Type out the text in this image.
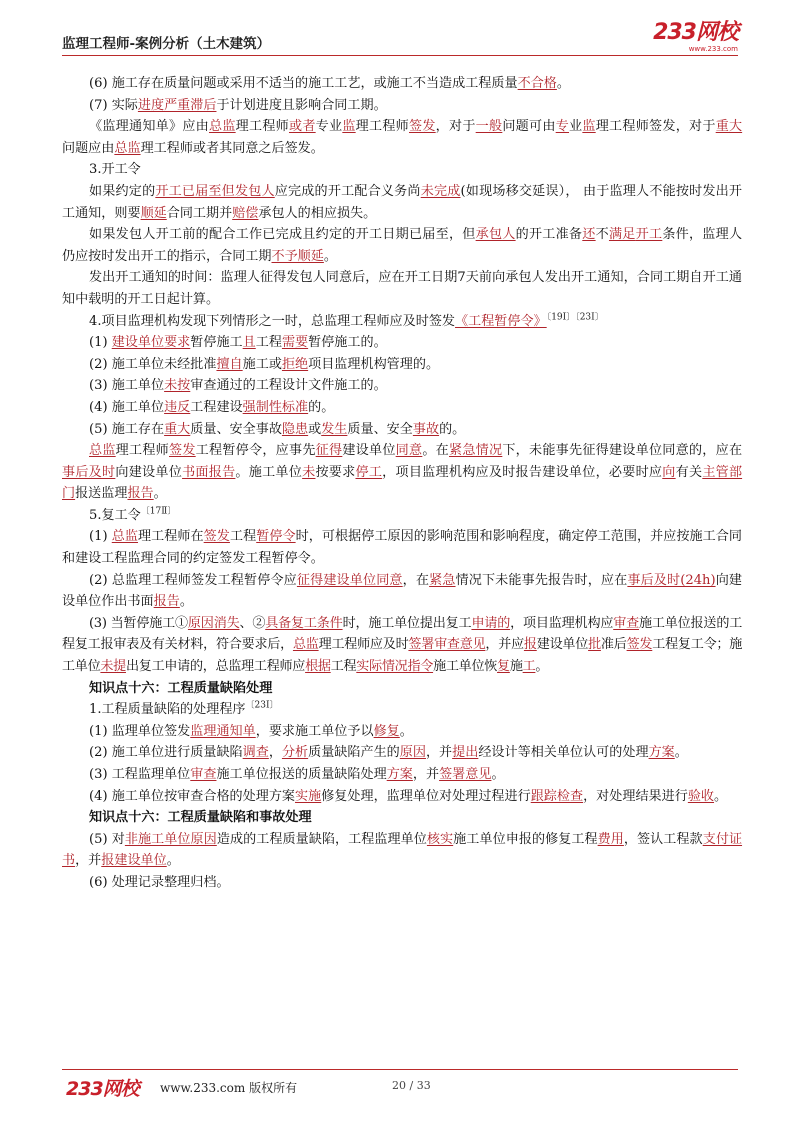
监理工程师-案例分析（土木建筑）	233网校
www.233.com

(6) 施工存在质量问题或采用不适当的施工工艺，或施工不当造成工程质量不合格。

(7) 实际进度严重滞后于计划进度且影响合同工期。

《监理通知单》应由总监理工程师或者专业监理工程师签发，对于一般问题可由专业监理工程师签发，对于重大问题应由总监理工程师或者其同意之后签发。

3.开工令

如果约定的开工已届至但发包人应完成的开工配合义务尚未完成(如现场移交延误）， 由于监理人不能按时发出开工通知，则要顺延合同工期并赔偿承包人的相应损失。

如果发包人开工前的配合工作已完成且约定的开工日期已届至，但承包人的开工准备还不满足开工条件，监理人仍应按时发出开工的指示，合同工期不予顺延。

发出开工通知的时间：监理人征得发包人同意后，应在开工日期7天前向承包人发出开工通知，合同工期自开工通知中载明的开工日起计算。

4.项目监理机构发现下列情形之一时，总监理工程师应及时签发《工程暂停令》$^{〔19Ⅰ〕〔23Ⅰ〕}$

(1) 建设单位要求暂停施工且工程需要暂停施工的。

(2) 施工单位未经批准擅自施工或拒绝项目监理机构管理的。

(3) 施工单位未按审查通过的工程设计文件施工的。

(4) 施工单位违反工程建设强制性标准的。

(5) 施工存在重大质量、安全事故隐患或发生质量、安全事故的。

总监理工程师签发工程暂停令，应事先征得建设单位同意。在紧急情况下，未能事先征得建设单位同意的，应在事后及时向建设单位书面报告。施工单位未按要求停工，项目监理机构应及时报告建设单位，必要时应向有关主管部门报送监理报告。

5.复工令$^{〔17Ⅱ〕}$

(1) 总监理工程师在签发工程暂停令时，可根据停工原因的影响范围和影响程度，确定停工范围，并应按施工合同和建设工程监理合同的约定签发工程暂停令。

(2) 总监理工程师签发工程暂停令应征得建设单位同意，在紧急情况下未能事先报告时，应在事后及时(24h)向建设单位作出书面报告。

(3) 当暂停施工①原因消失、②具备复工条件时，施工单位提出复工申请的，项目监理机构应审查施工单位报送的工程复工报审表及有关材料，符合要求后，总监理工程师应及时签署审查意见，并应报建设单位批准后签发工程复工令；施工单位未提出复工申请的，总监理工程师应根据工程实际情况指令施工单位恢复施工。

知识点十六：工程质量缺陷处理

1.工程质量缺陷的处理程序$^{〔23Ⅰ〕}$

(1) 监理单位签发监理通知单，要求施工单位予以修复。

(2) 施工单位进行质量缺陷调查，分析质量缺陷产生的原因，并提出经设计等相关单位认可的处理方案。

(3) 工程监理单位审查施工单位报送的质量缺陷处理方案，并签署意见。

(4) 施工单位按审查合格的处理方案实施修复处理，监理单位对处理过程进行跟踪检查，对处理结果进行验收。

知识点十六：工程质量缺陷和事故处理

(5) 对非施工单位原因造成的工程质量缺陷，工程监理单位核实施工单位申报的修复工程费用，签认工程款支付证书，并报建设单位。

(6) 处理记录整理归档。

233网校 www.233.com 版权所有	20 / 33
